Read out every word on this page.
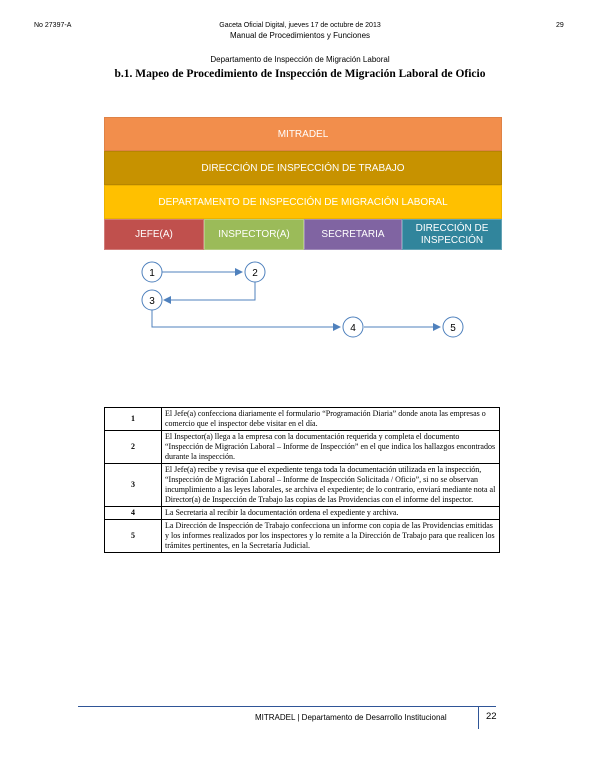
No 27397-A	Gaceta Oficial Digital, jueves 17 de octubre de 2013
Manual de Procedimientos y Funciones
29
Departamento de Inspección de Migración Laboral
b.1. Mapeo de Procedimiento de Inspección de Migración Laboral de Oficio
MITRADEL
DIRECCIÓN DE INSPECCIÓN DE TRABAJO
DEPARTAMENTO DE INSPECCIÓN DE MIGRACIÓN LABORAL
JEFE(A)	INSPECTOR(A)	SECRETARIA
DIRECCIÓN DE INSPECCIÓN
1	2
3
4	5
1	El Jefe(a) confecciona diariamente el formulario “Programación Diaria” donde anota las empresas o comercio que el inspector debe visitar en el día.
2	El Inspector(a) llega a la empresa con la documentación requerida y completa el documento “Inspección de Migración Laboral – Informe de Inspección” en el que indica los hallazgos encontrados durante la inspección.
3	El Jefe(a) recibe y revisa que el expediente tenga toda la documentación utilizada en la inspección, “Inspección de Migración Laboral – Informe de Inspección Solicitada / Oficio”, si no se observan incumplimiento a las leyes laborales, se archiva el expediente; de lo contrario, enviará mediante nota al Director(a) de Inspección de Trabajo las copias de las Providencias con el informe del inspector.
4	La Secretaria al recibir la documentación ordena el expediente y archiva.
5	La Dirección de Inspección de Trabajo confecciona un informe con copia de las Providencias emitidas y los informes realizados por los inspectores y lo remite a la Dirección de Trabajo para que realicen los trámites pertinentes, en la Secretaría Judicial.
MITRADEL | Departamento de Desarrollo Institucional	22
